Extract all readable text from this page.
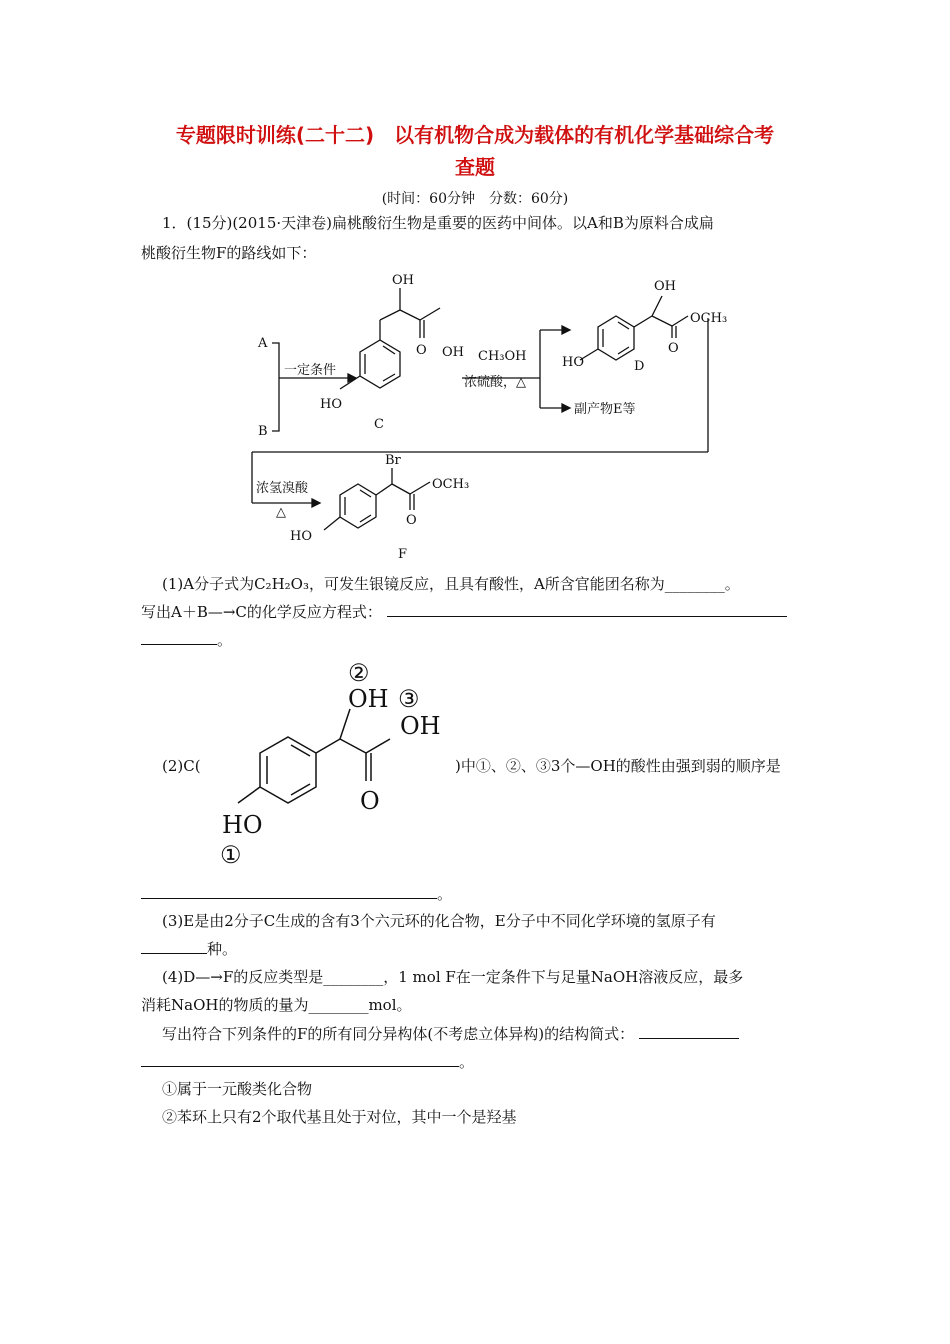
专题限时训练(二十二)　以有机物合成为载体的有机化学基础综合考
查题
(时间：60分钟　分数：60分)
1．(15分)(2015·天津卷)扁桃酸衍生物是重要的医药中间体。以A和B为原料合成扁
桃酸衍生物F的路线如下：
A
B
一定条件
OH
OH
O
HO
C
CH₃OH
浓硫酸，△
OH
OCH₃
O
HO	D
副产物E等
浓氢溴酸
△
Br
OCH₃
O
HO
F
(1)A分子式为C₂H₂O₃，可发生银镜反应，且具有酸性，A所含官能团名称为________。
写出A＋B—→C的化学反应方程式：
。
(2)C(
②
OH ③
OH
O
HO
①
)中①、②、③3个—OH的酸性由强到弱的顺序是
。
(3)E是由2分子C生成的含有3个六元环的化合物，E分子中不同化学环境的氢原子有
种。
(4)D—→F的反应类型是________，1 mol F在一定条件下与足量NaOH溶液反应，最多
消耗NaOH的物质的量为________mol。
写出符合下列条件的F的所有同分异构体(不考虑立体异构)的结构简式：
。
①属于一元酸类化合物
②苯环上只有2个取代基且处于对位，其中一个是羟基
